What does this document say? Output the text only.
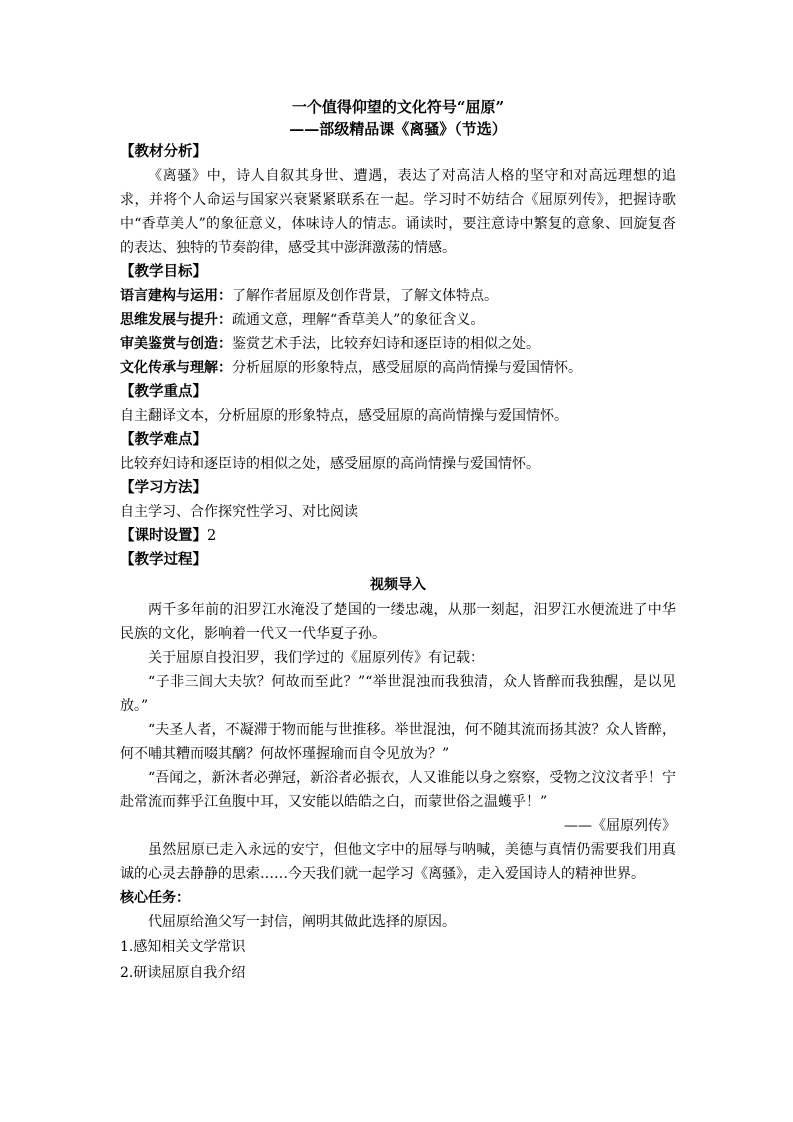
一个值得仰望的文化符号“屈原”
——部级精品课《离骚》（节选）

【教材分析】

《离骚》中，诗人自叙其身世、遭遇，表达了对高洁人格的坚守和对高远理想的追求，并将个人命运与国家兴衰紧紧联系在一起。学习时不妨结合《屈原列传》，把握诗歌中“香草美人”的象征意义，体味诗人的情志。诵读时，要注意诗中繁复的意象、回旋复沓的表达、独特的节奏韵律，感受其中澎湃激荡的情感。

【教学目标】

语言建构与运用：了解作者屈原及创作背景，了解文体特点。

思维发展与提升：疏通文意，理解“香草美人”的象征含义。

审美鉴赏与创造：鉴赏艺术手法，比较弃妇诗和逐臣诗的相似之处。

文化传承与理解：分析屈原的形象特点，感受屈原的高尚情操与爱国情怀。

【教学重点】

自主翻译文本，分析屈原的形象特点，感受屈原的高尚情操与爱国情怀。

【教学难点】

比较弃妇诗和逐臣诗的相似之处，感受屈原的高尚情操与爱国情怀。

【学习方法】

自主学习、合作探究性学习、对比阅读

【课时设置】2

【教学过程】

视频导入

两千多年前的汨罗江水淹没了楚国的一缕忠魂，从那一刻起，汨罗江水便流进了中华民族的文化，影响着一代又一代华夏子孙。

关于屈原自投汨罗，我们学过的《屈原列传》有记载：

“子非三闾大夫欤？何故而至此？”“举世混浊而我独清，众人皆醉而我独醒，是以见放。”

“夫圣人者，不凝滞于物而能与世推移。举世混浊，何不随其流而扬其波？众人皆醉，何不哺其糟而啜其醨？何故怀瑾握瑜而自令见放为？”

“吾闻之，新沐者必弹冠，新浴者必振衣，人又谁能以身之察察，受物之汶汶者乎！宁赴常流而葬乎江鱼腹中耳，又安能以皓皓之白，而蒙世俗之温蠖乎！”

——《屈原列传》

虽然屈原已走入永远的安宁，但他文字中的屈辱与呐喊，美德与真情仍需要我们用真诚的心灵去静静的思索……今天我们就一起学习《离骚》，走入爱国诗人的精神世界。

核心任务：

代屈原给渔父写一封信，阐明其做此选择的原因。

1.感知相关文学常识

2.研读屈原自我介绍
